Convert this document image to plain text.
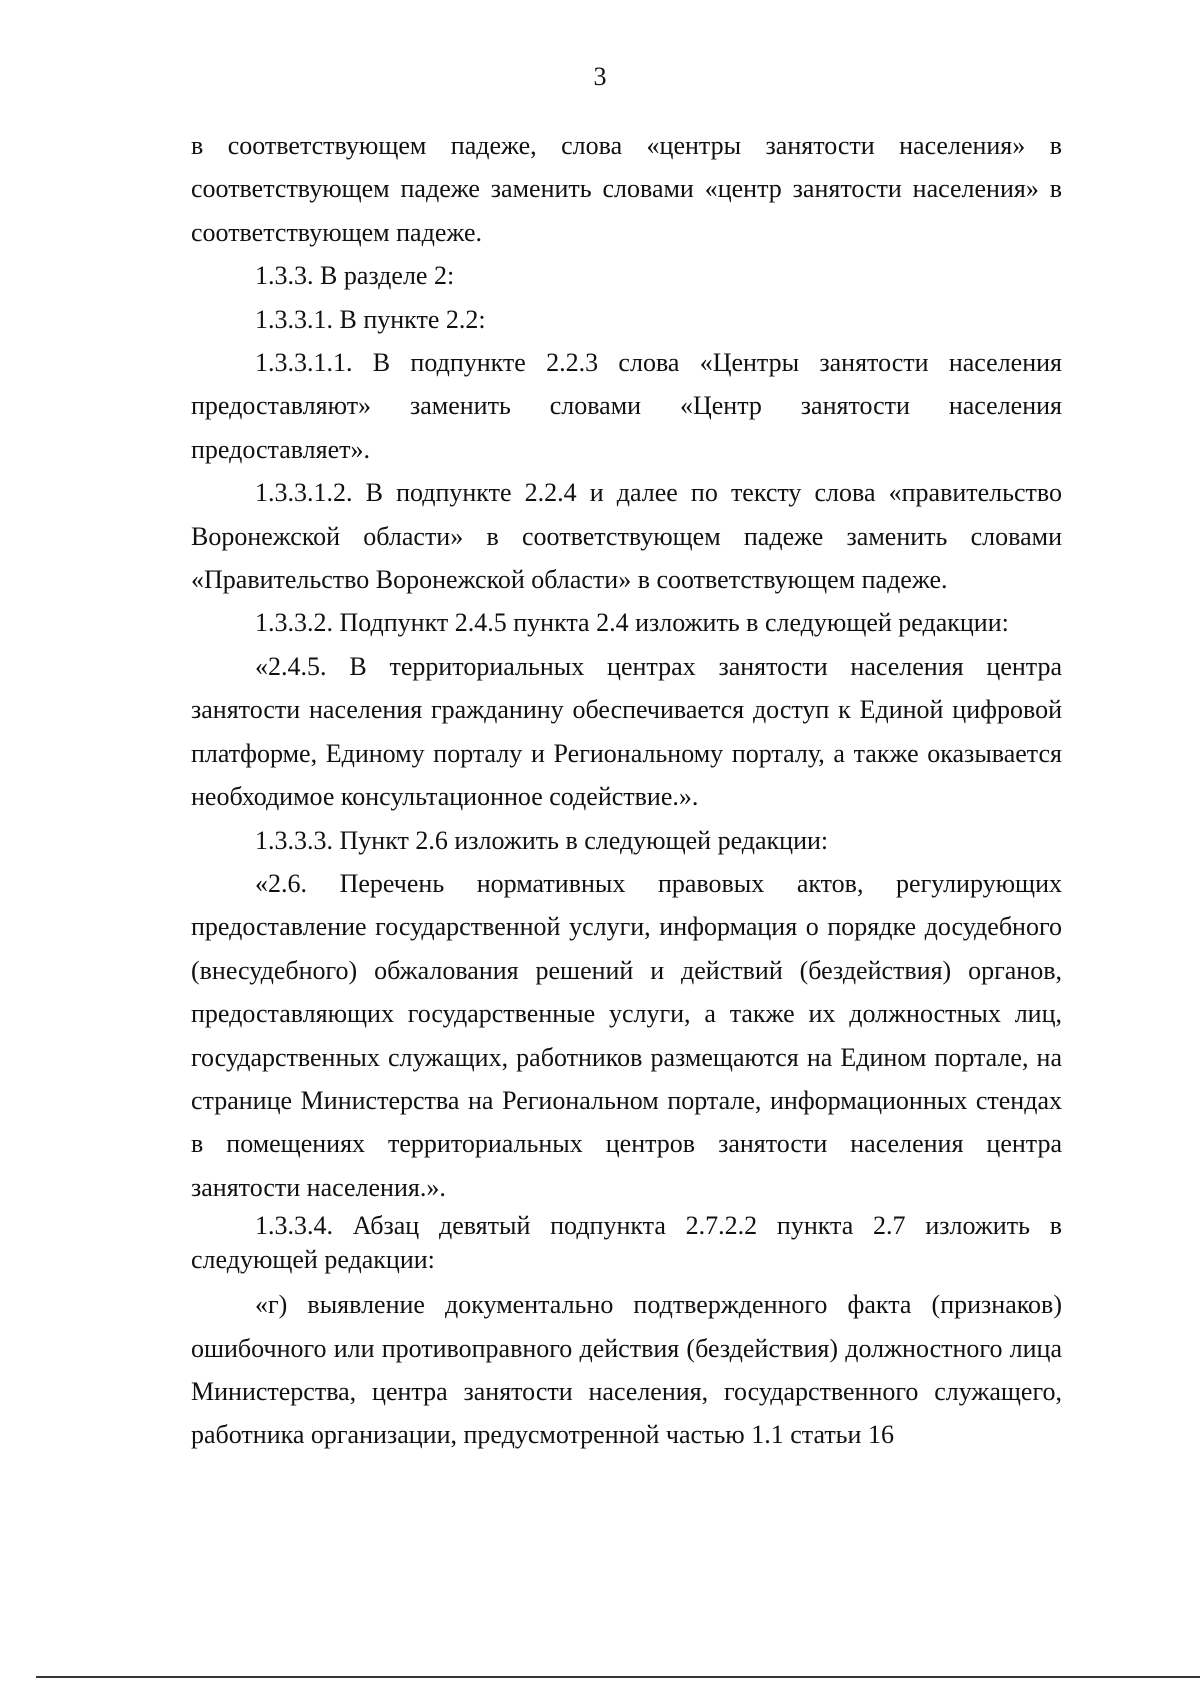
3

в соответствующем падеже, слова «центры занятости населения» в соответствующем падеже заменить словами «центр занятости населения» в соответствующем падеже.

1.3.3. В разделе 2:

1.3.3.1. В пункте 2.2:

1.3.3.1.1. В подпункте 2.2.3 слова «Центры занятости населения предоставляют» заменить словами «Центр занятости населения предоставляет».

1.3.3.1.2. В подпункте 2.2.4 и далее по тексту слова «правительство Воронежской области» в соответствующем падеже заменить словами «Правительство Воронежской области» в соответствующем падеже.

1.3.3.2. Подпункт 2.4.5 пункта 2.4 изложить в следующей редакции:

«2.4.5. В территориальных центрах занятости населения центра занятости населения гражданину обеспечивается доступ к Единой цифровой платформе, Единому порталу и Региональному порталу, а также оказывается необходимое консультационное содействие.».

1.3.3.3. Пункт 2.6 изложить в следующей редакции:

«2.6. Перечень нормативных правовых актов, регулирующих предоставление государственной услуги, информация о порядке досудебного (внесудебного) обжалования решений и действий (бездействия) органов, предоставляющих государственные услуги, а также их должностных лиц, государственных служащих, работников размещаются на Едином портале, на странице Министерства на Региональном портале, информационных стендах в помещениях территориальных центров занятости населения центра занятости населения.».

1.3.3.4. Абзац девятый подпункта 2.7.2.2 пункта 2.7 изложить в следующей редакции:

«г) выявление документально подтвержденного факта (признаков) ошибочного или противоправного действия (бездействия) должностного лица Министерства, центра занятости населения, государственного служащего, работника организации, предусмотренной частью 1.1 статьи 16
